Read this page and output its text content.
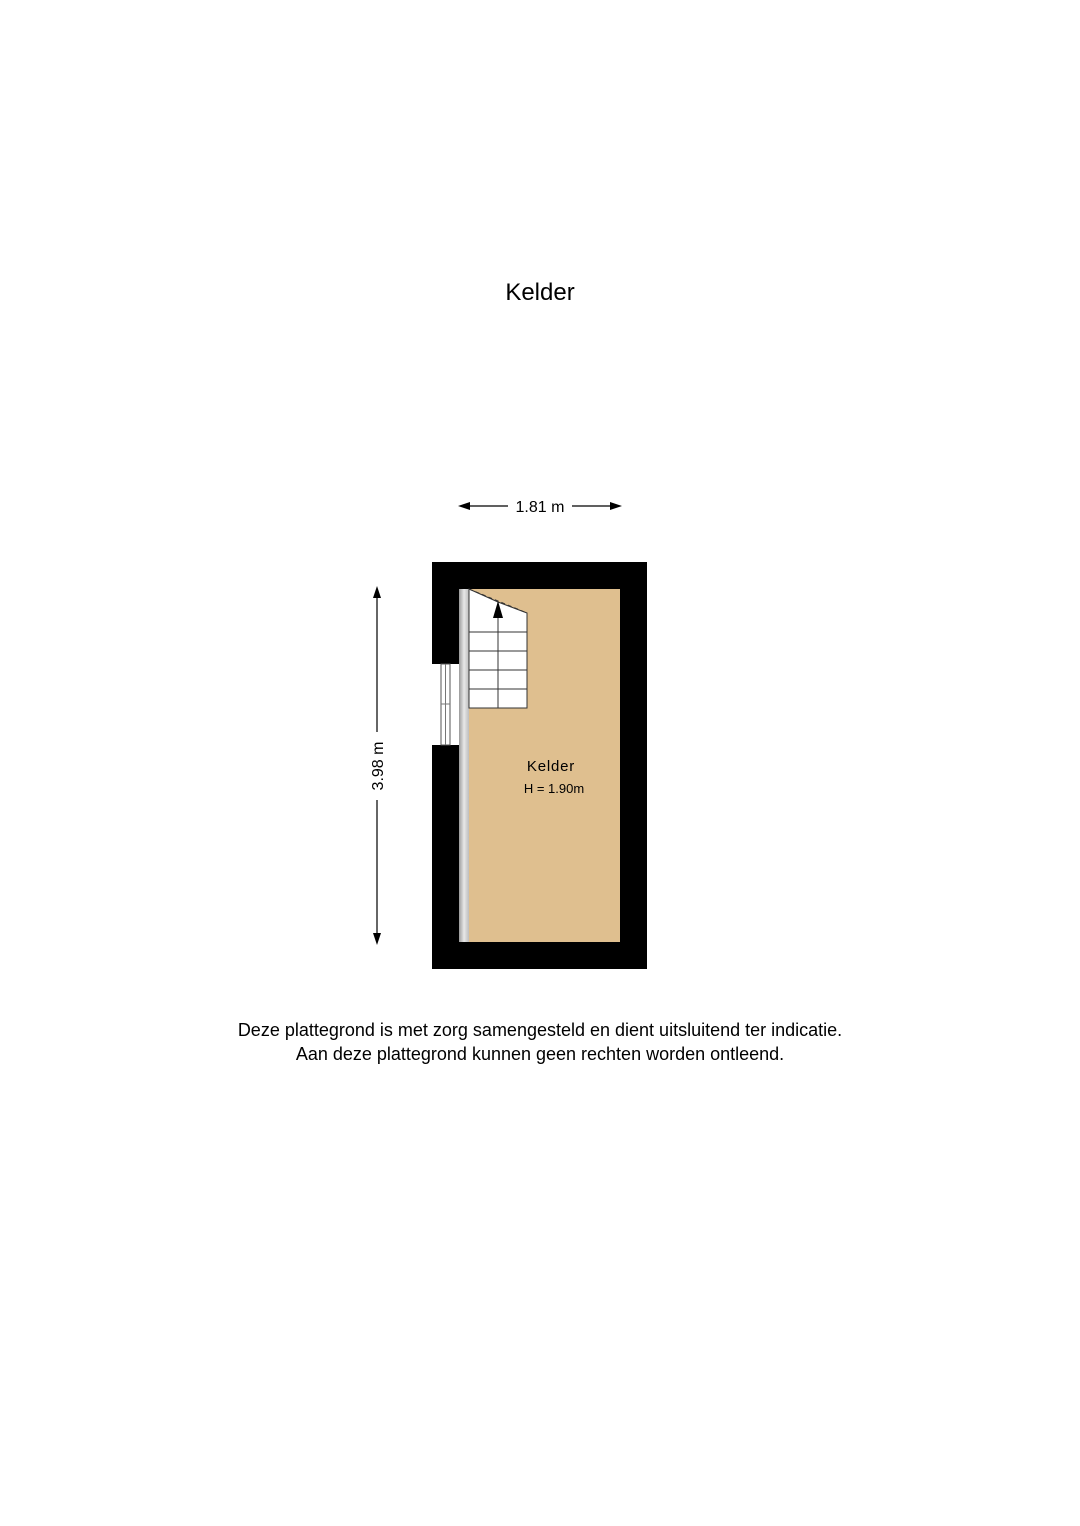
Kelder
1.81 m
3.98 m	Kelder
H = 1.90m
Deze plattegrond is met zorg samengesteld en dient uitsluitend ter indicatie.
Aan deze plattegrond kunnen geen rechten worden ontleend.
